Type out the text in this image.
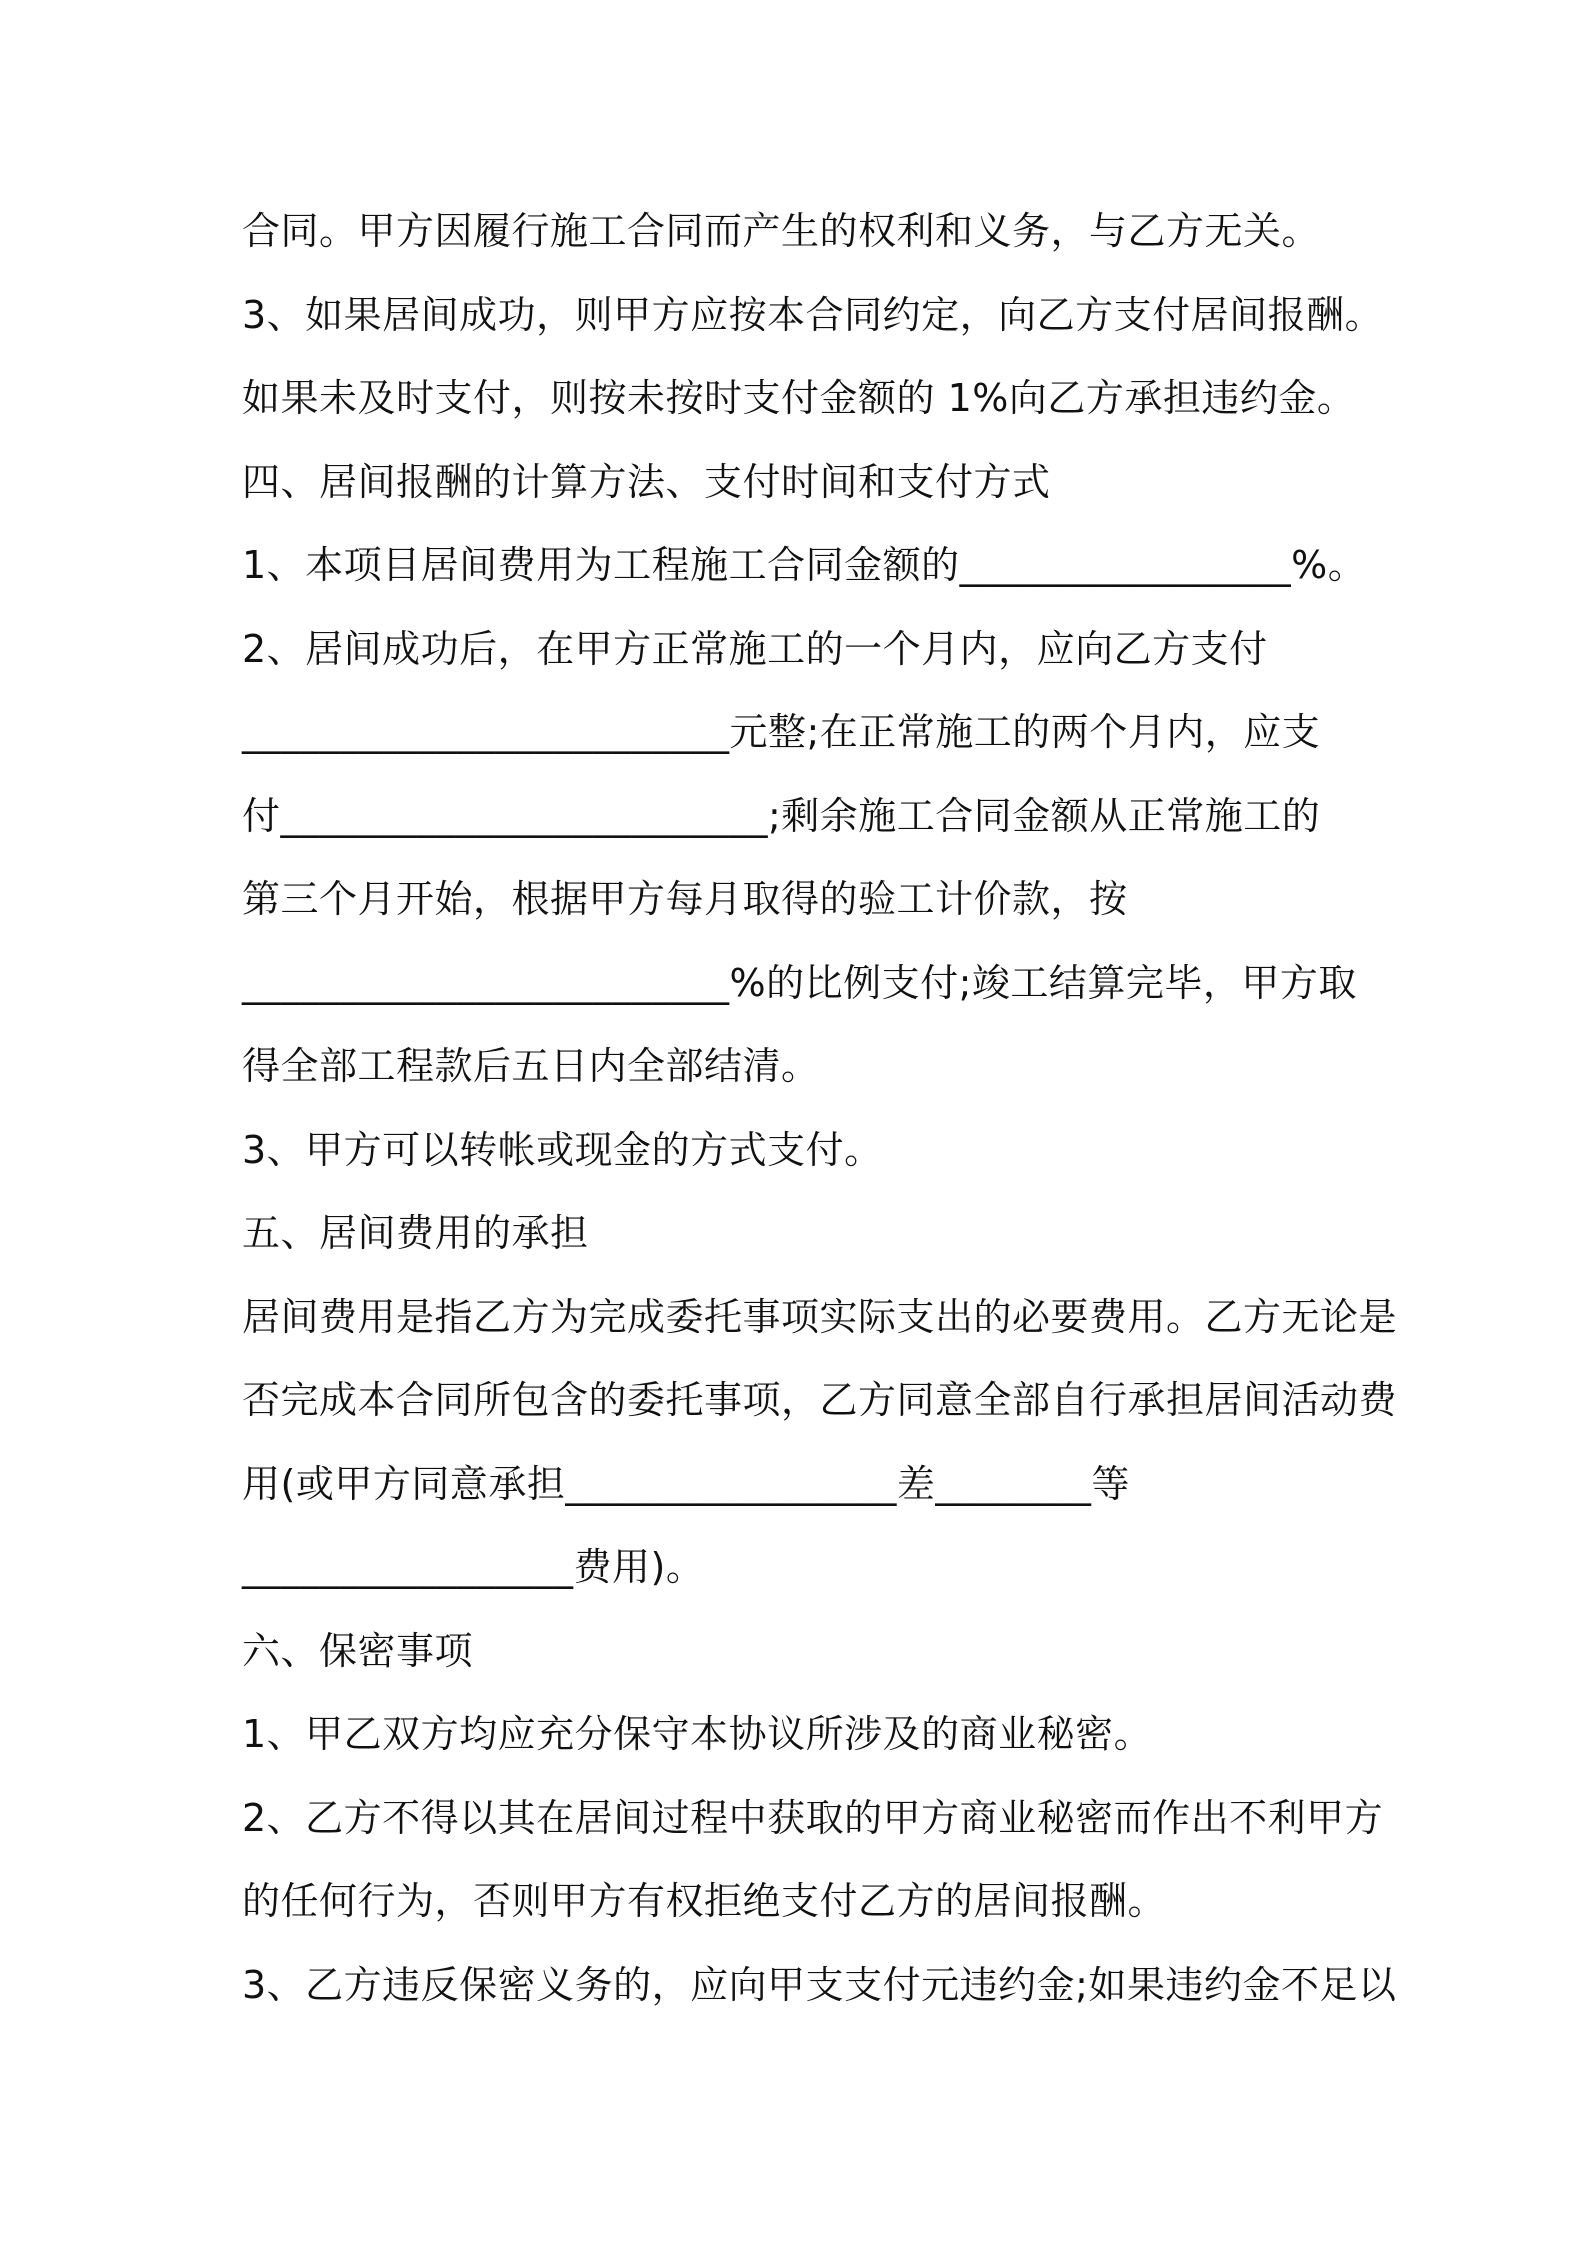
合同。甲方因履行施工合同而产生的权利和义务，与乙方无关。
3、如果居间成功，则甲方应按本合同约定，向乙方支付居间报酬。
如果未及时支付，则按未按时支付金额的 1%向乙方承担违约金。
四、居间报酬的计算方法、支付时间和支付方式
1、本项目居间费用为工程施工合同金额的_________________%。
2、居间成功后，在甲方正常施工的一个月内，应向乙方支付
_________________________元整;在正常施工的两个月内，应支
付_________________________;剩余施工合同金额从正常施工的
第三个月开始，根据甲方每月取得的验工计价款，按
_________________________%的比例支付;竣工结算完毕，甲方取
得全部工程款后五日内全部结清。
3、甲方可以转帐或现金的方式支付。
五、居间费用的承担
居间费用是指乙方为完成委托事项实际支出的必要费用。乙方无论是
否完成本合同所包含的委托事项，乙方同意全部自行承担居间活动费
用(或甲方同意承担_________________差________等
_________________费用)。
六、保密事项
1、甲乙双方均应充分保守本协议所涉及的商业秘密。
2、乙方不得以其在居间过程中获取的甲方商业秘密而作出不利甲方
的任何行为，否则甲方有权拒绝支付乙方的居间报酬。
3、乙方违反保密义务的，应向甲支支付元违约金;如果违约金不足以
